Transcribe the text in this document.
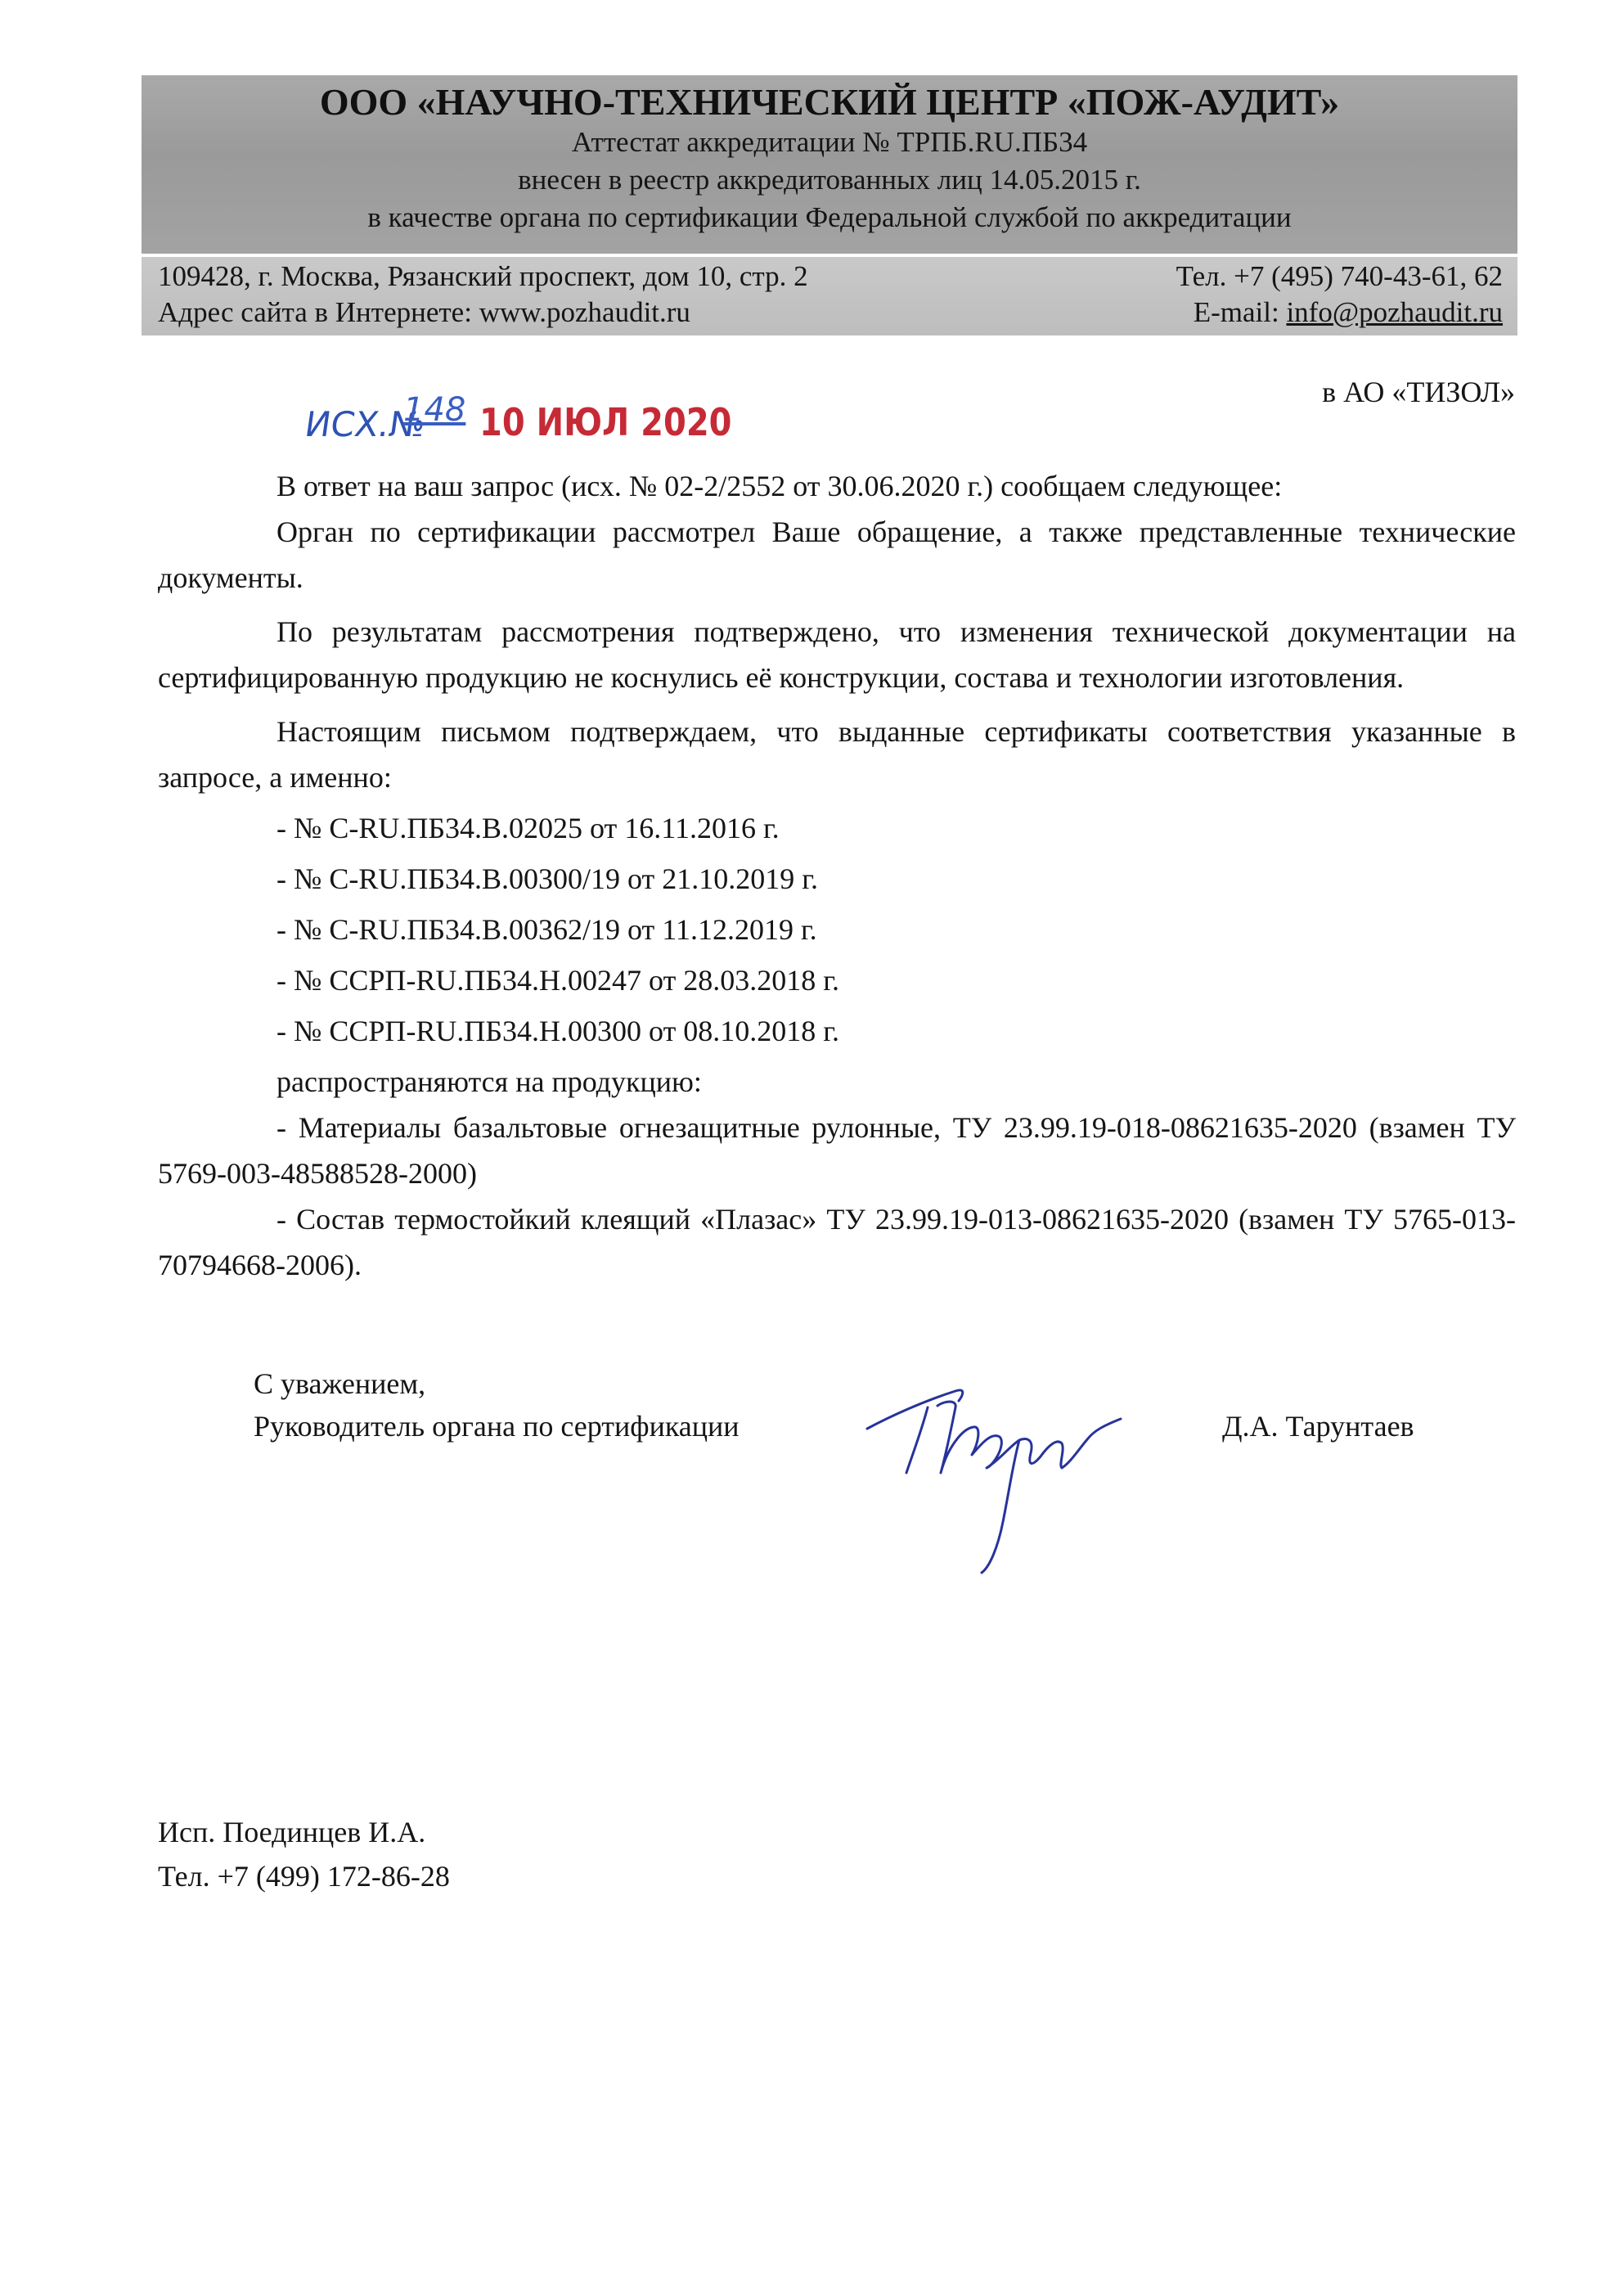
ООО «НАУЧНО-ТЕХНИЧЕСКИЙ ЦЕНТР «ПОЖ-АУДИТ»
Аттестат аккредитации № ТРПБ.RU.ПБ34
внесен в реестр аккредитованных лиц 14.05.2015 г.
в качестве органа по сертификации Федеральной службой по аккредитации
109428, г. Москва, Рязанский проспект, дом 10, стр. 2
Адрес сайта в Интернете: www.pozhaudit.ru
Тел. +7 (495) 740-43-61, 62
E-mail: info@pozhaudit.ru
ИСХ.№
148 10 ИЮЛ 2020
в АО «ТИЗОЛ»

В ответ на ваш запрос (исх. № 02-2/2552 от 30.06.2020 г.) сообщаем следующее:

Орган по сертификации рассмотрел Ваше обращение, а также представленные технические документы.

По результатам рассмотрения подтверждено, что изменения технической документации на сертифицированную продукцию не коснулись её конструкции, состава и технологии изготовления.

Настоящим письмом подтверждаем, что выданные сертификаты соответствия указанные в запросе, а именно:

- № С-RU.ПБ34.В.02025 от 16.11.2016 г.

- № С-RU.ПБ34.В.00300/19 от 21.10.2019 г.

- № С-RU.ПБ34.В.00362/19 от 11.12.2019 г.

- № ССРП-RU.ПБ34.Н.00247 от 28.03.2018 г.

- № ССРП-RU.ПБ34.Н.00300 от 08.10.2018 г.

распространяются на продукцию:

- Материалы базальтовые огнезащитные рулонные, ТУ 23.99.19-018-08621635-2020 (взамен ТУ 5769-003-48588528-2000)

- Состав термостойкий клеящий «Плазас» ТУ 23.99.19-013-08621635-2020 (взамен ТУ 5765-013-70794668-2006).

С уважением,
Руководитель органа по сертификации	Д.А. Тарунтаев
Исп. Поединцев И.А.
Тел. +7 (499) 172-86-28
